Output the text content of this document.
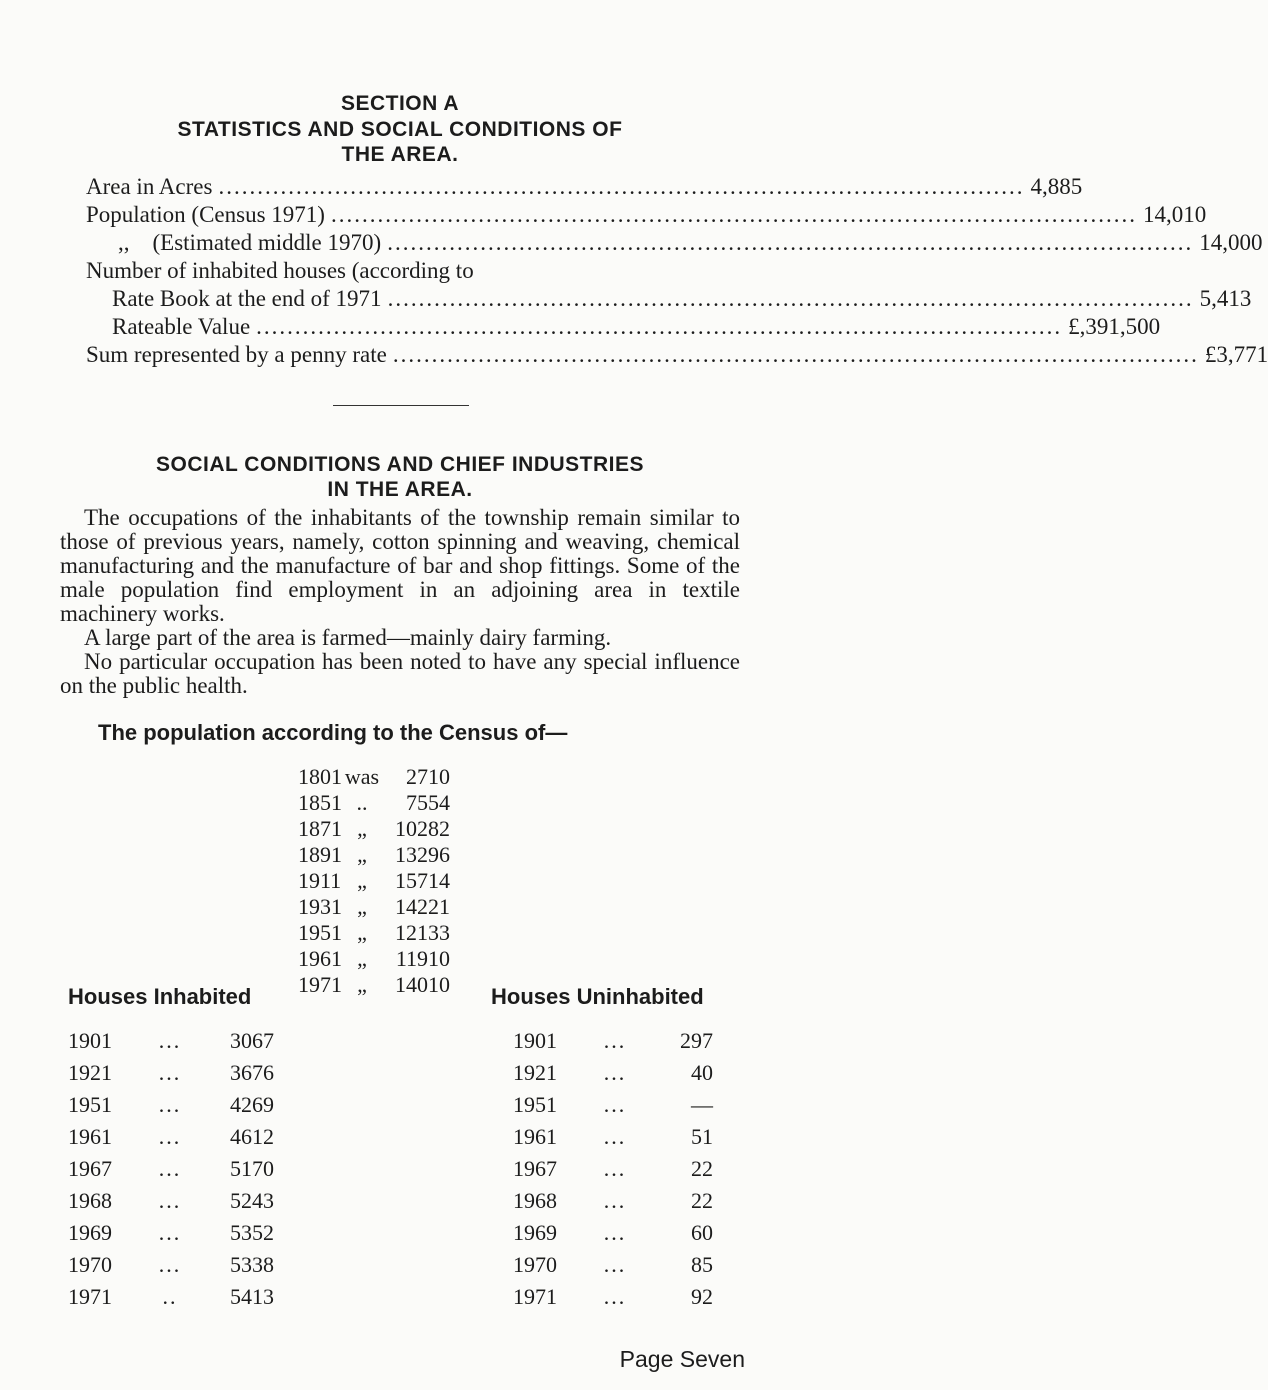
SECTION A
STATISTICS AND SOCIAL CONDITIONS OF
THE AREA.
Area in Acres ........................................................................................................ 4,885
Population (Census 1971) ........................................................................................................ 14,010
,,    (Estimated middle 1970) ........................................................................................................ 14,000
Number of inhabited houses (according to
Rate Book at the end of 1971 ........................................................................................................ 5,413
Rateable Value ........................................................................................................ £,391,500
Sum represented by a penny rate ........................................................................................................ £3,771
SOCIAL CONDITIONS AND CHIEF INDUSTRIES
IN THE AREA.

The occupations of the inhabitants of the township remain similar to those of previous years, namely, cotton spinning and weaving, chemical manufacturing and the manufacture of bar and shop fittings. Some of the male population find employment in an adjoining area in textile machinery works.

A large part of the area is farmed—mainly dairy farming.

No particular occupation has been noted to have any special influence on the public health.

The population according to the Census of—
1801 was 2710
1851 .. 7554
1871 „ 10282
1891 „ 13296
1911 „ 15714
1931 „ 14221
1951 „ 12133
1961 „ 11910
1971 „ 14010
Houses Inhabited	Houses Uninhabited
1901 ... 3067
1921 ... 3676
1951 ... 4269
1961 ... 4612
1967 ... 5170
1968 ... 5243
1969 ... 5352
1970 ... 5338
1971 .. 5413
1901 ... 297
1921 ...	40
1951 ...	—
1961 ...	51
1967 ...	22
1968 ...	22
1969 ...	60
1970 ...	85
1971 ...	92
Page Seven
